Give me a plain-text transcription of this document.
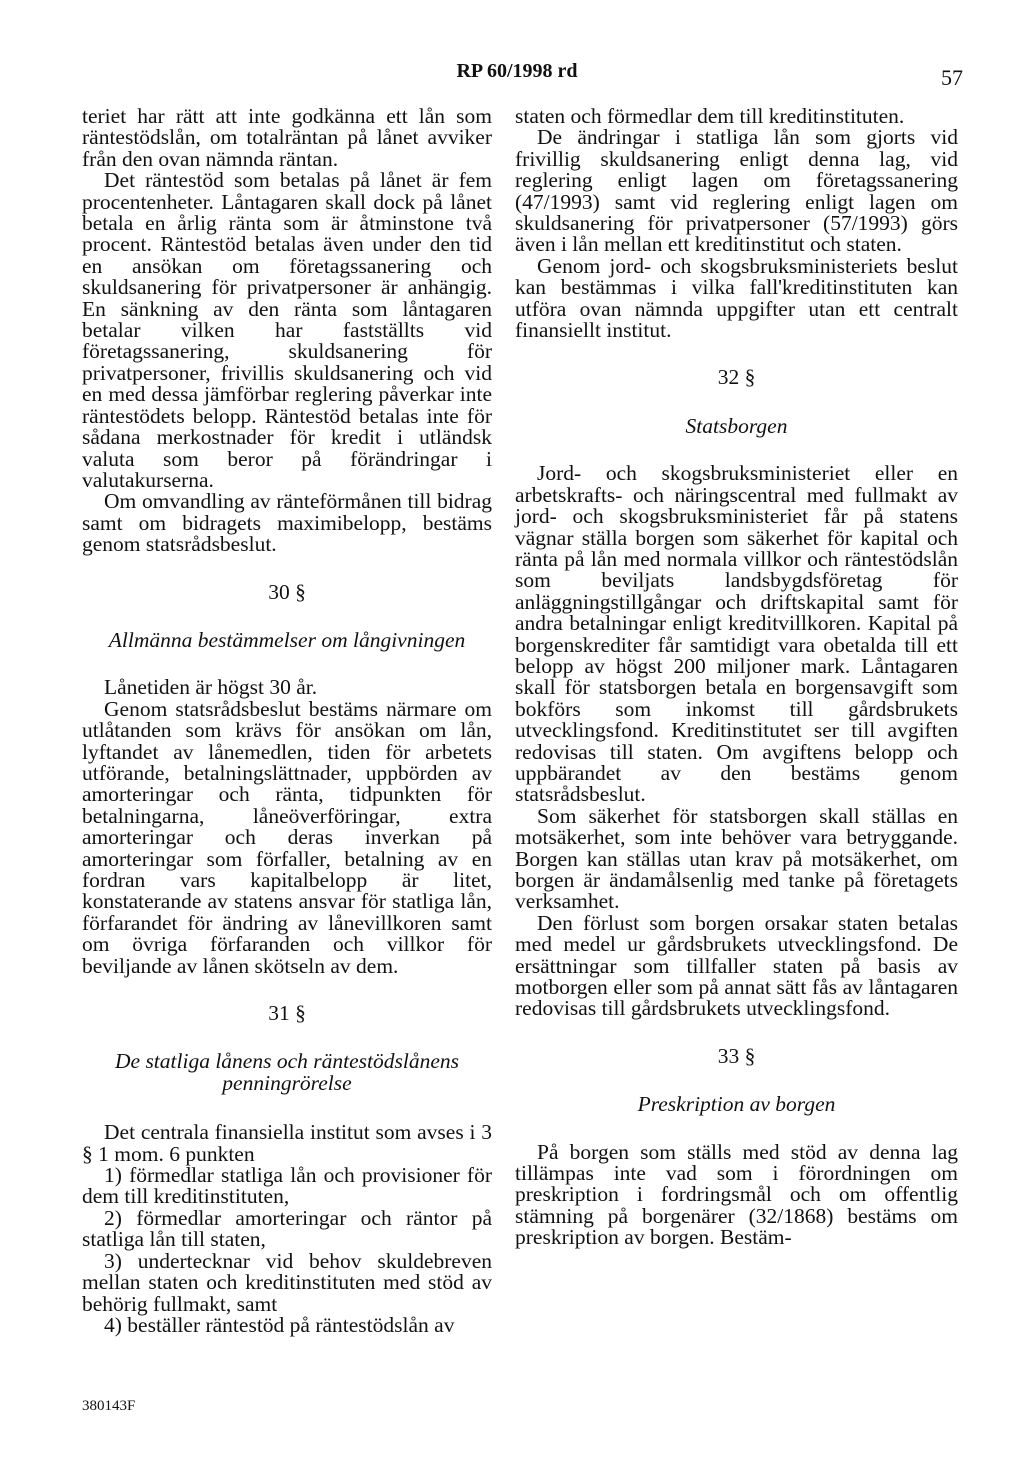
RP 60/1998 rd	57

teriet har rätt att inte godkänna ett lån som räntestödslån, om totalräntan på lånet avviker från den ovan nämnda räntan.

Det räntestöd som betalas på lånet är fem procentenheter. Låntagaren skall dock på lånet betala en årlig ränta som är åtminstone två procent. Räntestöd betalas även under den tid en ansökan om företagssanering och skuldsanering för privatpersoner är anhängig. En sänkning av den ränta som låntagaren betalar vilken har fastställts vid företagssanering, skuldsanering för privatpersoner, frivillis skuldsanering och vid en med dessa jämförbar reglering påverkar inte räntestödets belopp. Räntestöd betalas inte för sådana merkostnader för kredit i utländsk valuta som beror på förändringar i valutakurserna.

Om omvandling av ränteförmånen till bidrag samt om bidragets maximibelopp, bestäms genom statsrådsbeslut.

30 §
Allmänna bestämmelser om långivningen

Lånetiden är högst 30 år.

Genom statsrådsbeslut bestäms närmare om utlåtanden som krävs för ansökan om lån, lyftandet av lånemedlen, tiden för arbetets utförande, betalningslättnader, uppbörden av amorteringar och ränta, tidpunkten för betalningarna, låneöverföringar, extra amorteringar och deras inverkan på amorteringar som förfaller, betalning av en fordran vars kapitalbelopp är litet, konstaterande av statens ansvar för statliga lån, förfarandet för ändring av lånevillkoren samt om övriga förfaranden och villkor för beviljande av lånen skötseln av dem.

31 §
De statliga lånens och räntestödslånens
penningrörelse

Det centrala finansiella institut som avses i 3 § 1 mom. 6 punkten

1) förmedlar statliga lån och provisioner för dem till kreditinstituten,

2) förmedlar amorteringar och räntor på statliga lån till staten,

3) undertecknar vid behov skuldebreven mellan staten och kreditinstituten med stöd av behörig fullmakt, samt

4) beställer räntestöd på räntestödslån av

staten och förmedlar dem till kreditinstituten.

De ändringar i statliga lån som gjorts vid frivillig skuldsanering enligt denna lag, vid reglering enligt lagen om företagssanering (47/1993) samt vid reglering enligt lagen om skuldsanering för privatpersoner (57/1993) görs även i lån mellan ett kreditinstitut och staten.

Genom jord- och skogsbruksministeriets beslut kan bestämmas i vilka fall'kreditinstituten kan utföra ovan nämnda uppgifter utan ett centralt finansiellt institut.

32 §
Statsborgen

Jord- och skogsbruksministeriet eller en arbetskrafts- och näringscentral med fullmakt av jord- och skogsbruksministeriet får på statens vägnar ställa borgen som säkerhet för kapital och ränta på lån med normala villkor och räntestödslån som beviljats landsbygdsföretag för anläggningstillgångar och driftskapital samt för andra betalningar enligt kreditvillkoren. Kapital på borgenskrediter får samtidigt vara obetalda till ett belopp av högst 200 miljoner mark. Låntagaren skall för statsborgen betala en borgensavgift som bokförs som inkomst till gårdsbrukets utvecklingsfond. Kreditinstitutet ser till avgiften redovisas till staten. Om avgiftens belopp och uppbärandet av den bestäms genom statsrådsbeslut.

Som säkerhet för statsborgen skall ställas en motsäkerhet, som inte behöver vara betryggande. Borgen kan ställas utan krav på motsäkerhet, om borgen är ändamålsenlig med tanke på företagets verksamhet.

Den förlust som borgen orsakar staten betalas med medel ur gårdsbrukets utvecklingsfond. De ersättningar som tillfaller staten på basis av motborgen eller som på annat sätt fås av låntagaren redovisas till gårdsbrukets utvecklingsfond.

33 §
Preskription av borgen

På borgen som ställs med stöd av denna lag tillämpas inte vad som i förordningen om preskription i fordringsmål och om offentlig stämning på borgenärer (32/1868) bestäms om preskription av borgen. Bestäm-

380143F
